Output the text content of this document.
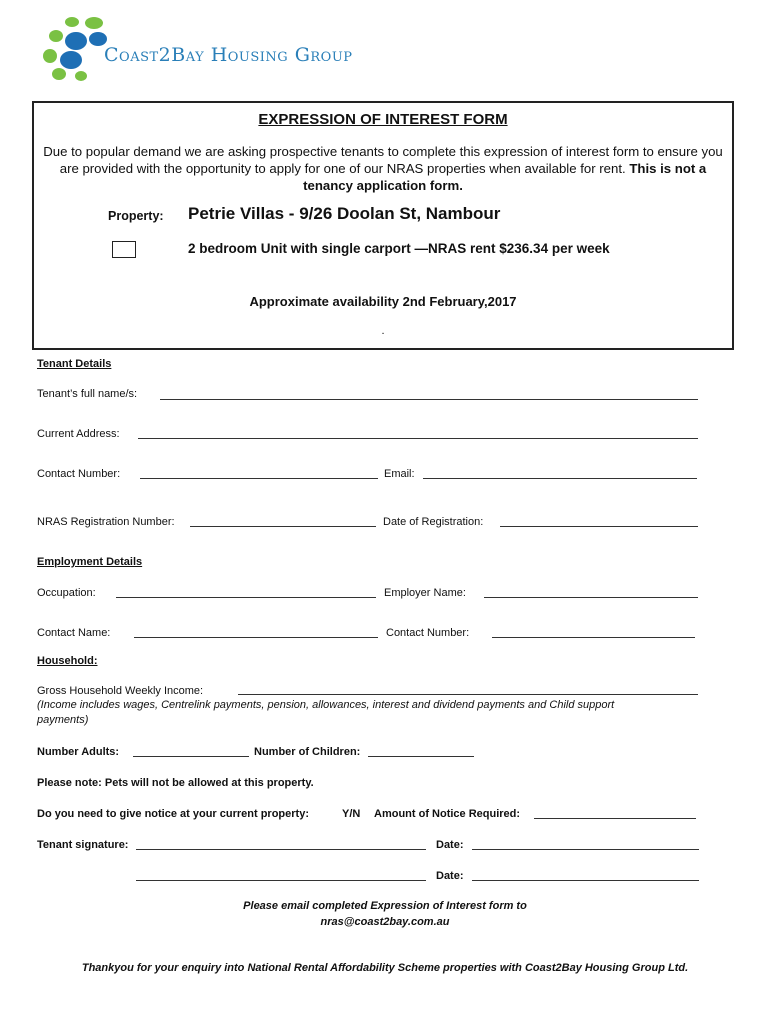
Coast2Bay Housing Group
EXPRESSION OF INTEREST FORM
Due to popular demand we are asking prospective tenants to complete this expression of interest form to ensure you are provided with the opportunity to apply for one of our NRAS properties when available for rent. This is not a tenancy application form.
Property: Petrie Villas - 9/26 Doolan St, Nambour
2 bedroom Unit with single carport —NRAS rent $236.34 per week
Approximate availability 2nd February,2017
.
Tenant Details
Tenant’s full name/s:
Current Address:
Contact Number:	Email:
NRAS Registration Number:	Date of Registration:
Employment Details
Occupation:	Employer Name:
Contact Name:	Contact Number:
Household:
Gross Household Weekly Income:
(Income includes wages, Centrelink payments, pension, allowances, interest and dividend payments and Child support payments)
Number Adults:	Number of Children:
Please note: Pets will not be allowed at this property.
Do you need to give notice at your current property:	Y/N Amount of Notice Required:
Tenant signature:	Date:
Date:
Please email completed Expression of Interest form to
nras@coast2bay.com.au
Thankyou for your enquiry into National Rental Affordability Scheme properties with Coast2Bay Housing Group Ltd.
